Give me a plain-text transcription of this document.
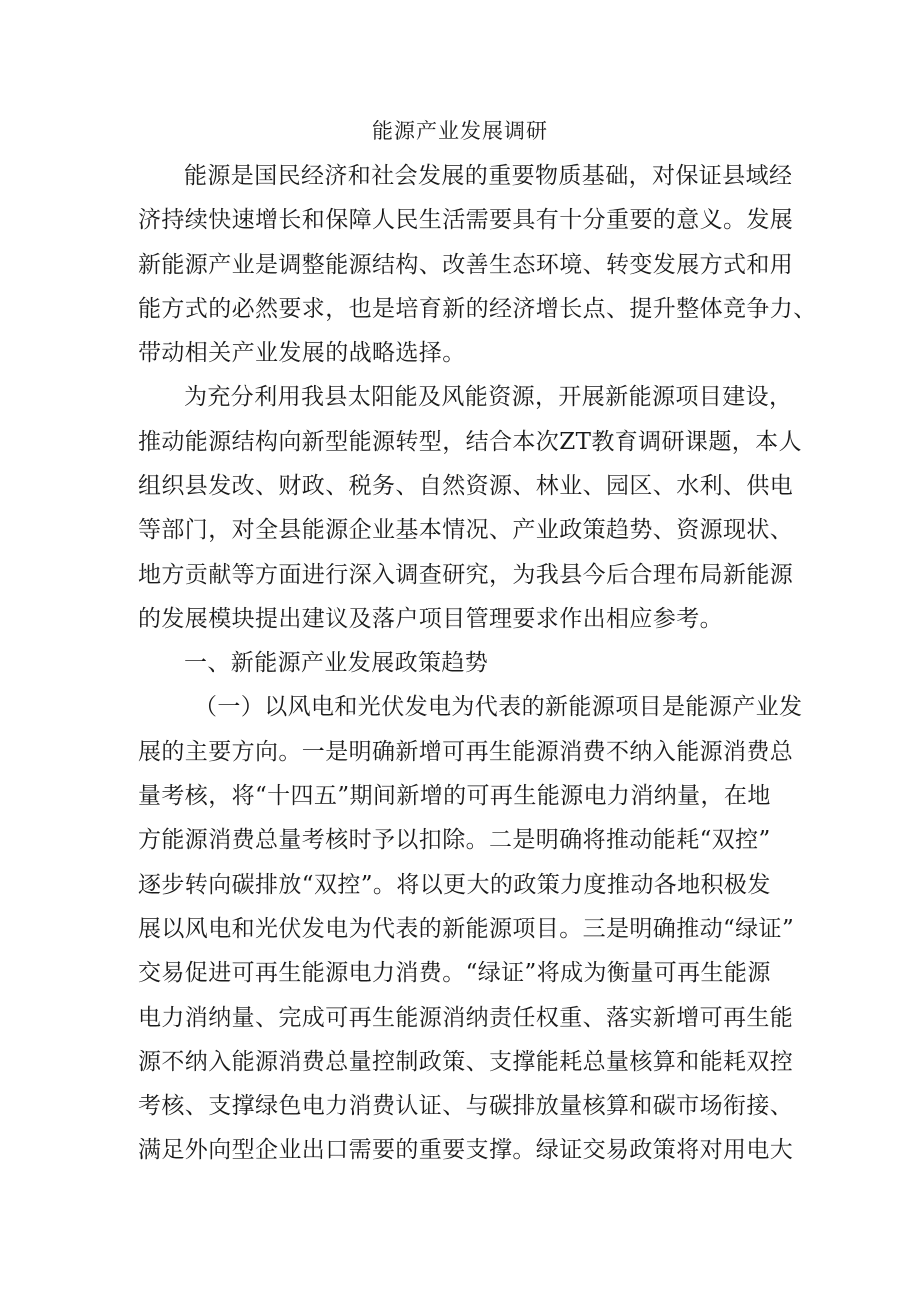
能源产业发展调研
能源是国民经济和社会发展的重要物质基础，对保证县域经
济持续快速增长和保障人民生活需要具有十分重要的意义。发展
新能源产业是调整能源结构、改善生态环境、转变发展方式和用
能方式的必然要求，也是培育新的经济增长点、提升整体竞争力、
带动相关产业发展的战略选择。
为充分利用我县太阳能及风能资源，开展新能源项目建设，
推动能源结构向新型能源转型，结合本次ZT教育调研课题，本人
组织县发改、财政、税务、自然资源、林业、园区、水利、供电
等部门，对全县能源企业基本情况、产业政策趋势、资源现状、
地方贡献等方面进行深入调查研究，为我县今后合理布局新能源
的发展模块提出建议及落户项目管理要求作出相应参考。
一、新能源产业发展政策趋势
（一）以风电和光伏发电为代表的新能源项目是能源产业发
展的主要方向。一是明确新增可再生能源消费不纳入能源消费总
量考核，将“十四五”期间新增的可再生能源电力消纳量，在地
方能源消费总量考核时予以扣除。二是明确将推动能耗“双控”
逐步转向碳排放“双控”。将以更大的政策力度推动各地积极发
展以风电和光伏发电为代表的新能源项目。三是明确推动“绿证”
交易促进可再生能源电力消费。“绿证”将成为衡量可再生能源
电力消纳量、完成可再生能源消纳责任权重、落实新增可再生能
源不纳入能源消费总量控制政策、支撑能耗总量核算和能耗双控
考核、支撑绿色电力消费认证、与碳排放量核算和碳市场衔接、
满足外向型企业出口需要的重要支撑。绿证交易政策将对用电大
